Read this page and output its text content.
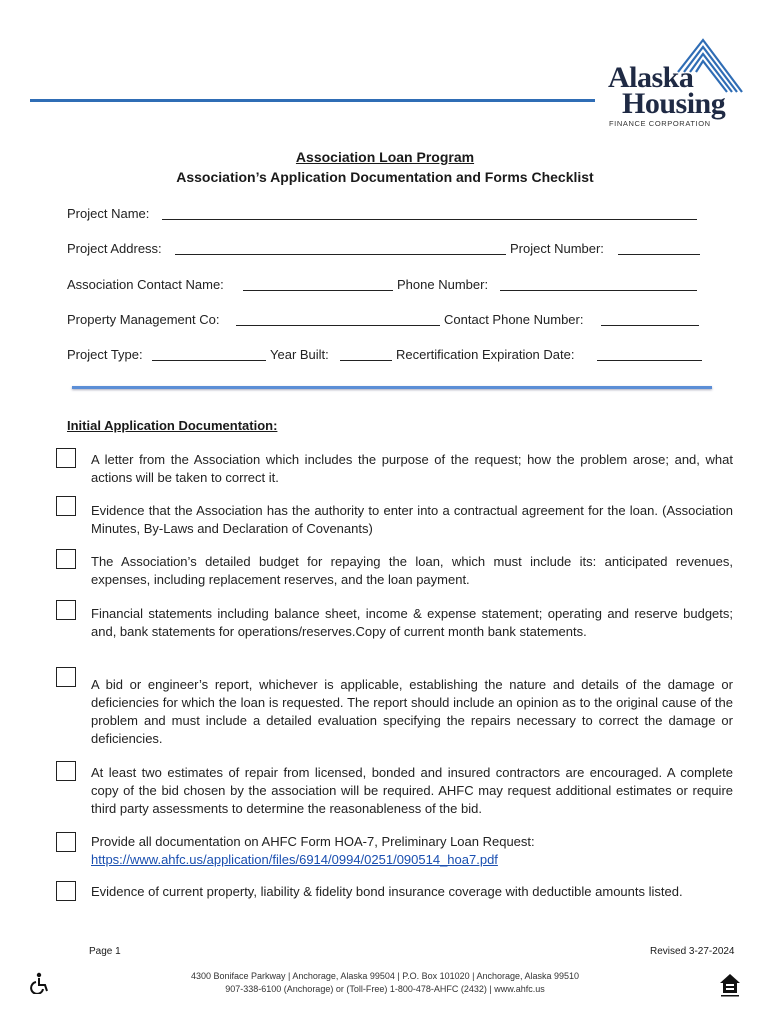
Alaska
Housing
FINANCE CORPORATION
Association Loan Program
Association’s Application Documentation and Forms Checklist
Project Name:
Project Address:	Project Number:
Association Contact Name:	Phone Number:
Property Management Co:	Contact Phone Number:
Project Type:	Year Built:	Recertification Expiration Date:
Initial Application Documentation:
A letter from the Association which includes the purpose of the request; how the problem arose; and, what actions will be taken to correct it.
Evidence that the Association has the authority to enter into a contractual agreement for the loan. (Association Minutes, By-Laws and Declaration of Covenants)
The Association’s detailed budget for repaying the loan, which must include its: anticipated revenues, expenses, including replacement reserves, and the loan payment.
Financial statements including balance sheet, income & expense statement; operating and reserve budgets; and, bank statements for operations/reserves.Copy of current month bank statements.
A bid or engineer’s report, whichever is applicable, establishing the nature and details of the damage or deficiencies for which the loan is requested. The report should include an opinion as to the original cause of the problem and must include a detailed evaluation specifying the repairs necessary to correct the damage or deficiencies.
At least two estimates of repair from licensed, bonded and insured contractors are encouraged. A complete copy of the bid chosen by the association will be required. AHFC may request additional estimates or require third party assessments to determine the reasonableness of the bid.
Provide all documentation on AHFC Form HOA-7, Preliminary Loan Request:
https://www.ahfc.us/application/files/6914/0994/0251/090514_hoa7.pdf
Evidence of current property, liability & fidelity bond insurance coverage with deductible amounts listed.
Page 1	Revised 3-27-2024
4300 Boniface Parkway | Anchorage, Alaska 99504 | P.O. Box 101020 | Anchorage, Alaska 99510
907-338-6100 (Anchorage) or (Toll-Free) 1-800-478-AHFC (2432) | www.ahfc.us
